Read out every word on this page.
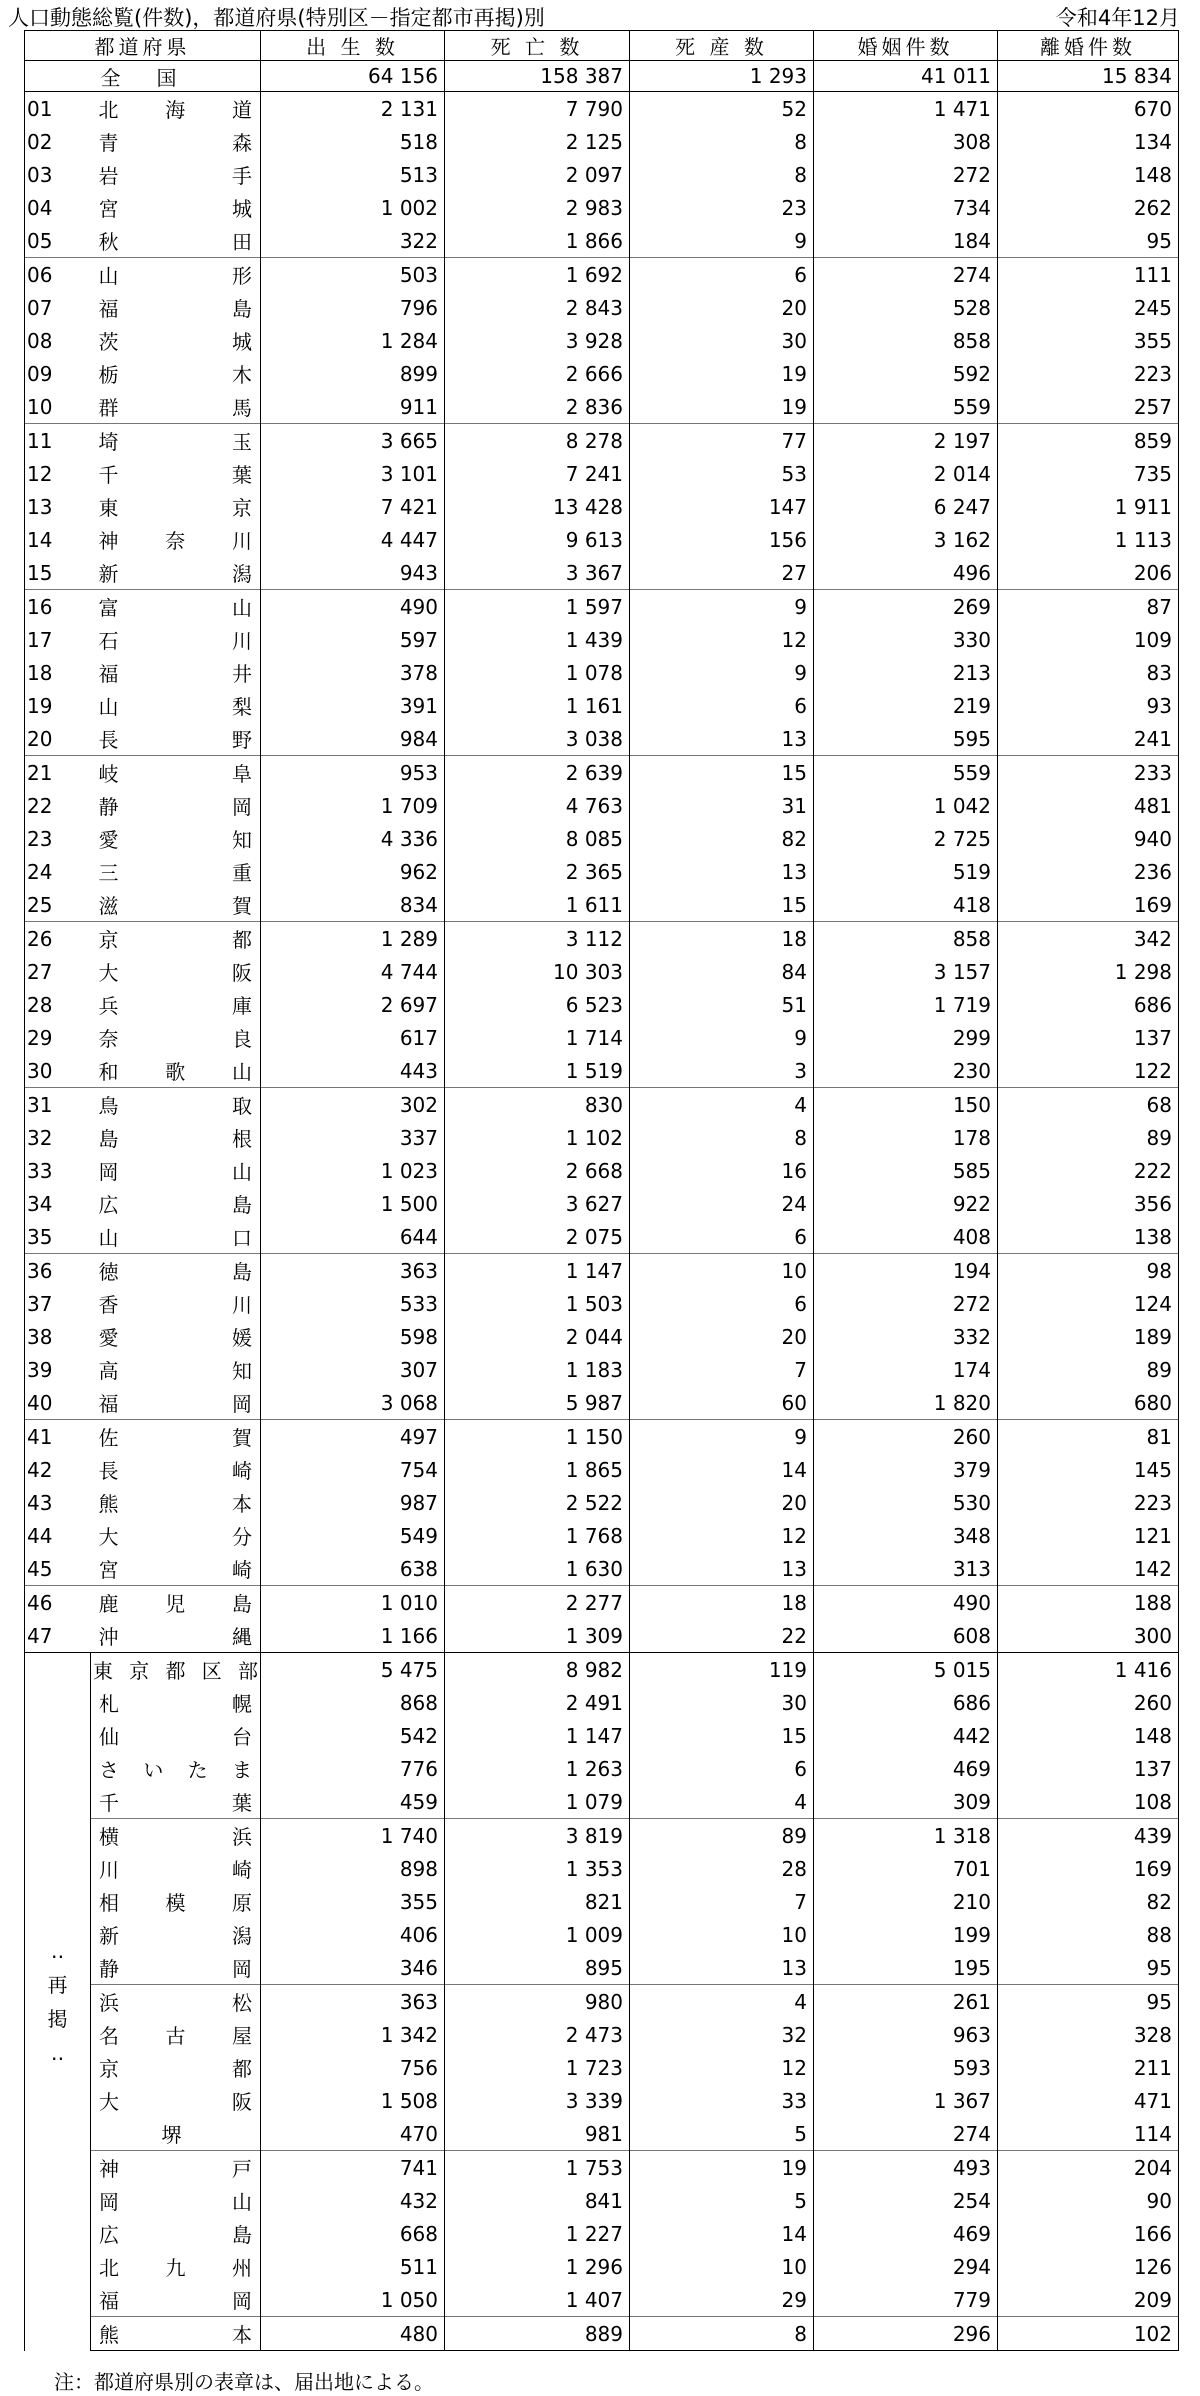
人口動態総覧(件数)，都道府県(特別区－指定都市再掲)別	令和4年12月
都道府県		出 生 数	死 亡 数	死 産 数	婚姻件数	離婚件数

全　国		64 156	158 387	1 293	41 011	15 834
01	北 海 道	2 131	7 790	52	1 471	670
02	青 森	518	2 125	8	308	134
03	岩 手	513	2 097	8	272	148
04	宮 城	1 002	2 983	23	734	262
05	秋 田	322	1 866	9	184	95
06	山 形	503	1 692	6	274	111
07	福 島	796	2 843	20	528	245
08	茨 城	1 284	3 928	30	858	355
09	栃 木	899	2 666	19	592	223
10	群 馬	911	2 836	19	559	257
11	埼 玉	3 665	8 278	77	2 197	859
12	千 葉	3 101	7 241	53	2 014	735
13	東 京	7 421	13 428	147	6 247	1 911
14	神 奈 川	4 447	9 613	156	3 162	1 113
15	新 潟	943	3 367	27	496	206
16	富 山	490	1 597	9	269	87
17	石 川	597	1 439	12	330	109
18	福 井	378	1 078	9	213	83
19	山 梨	391	1 161	6	219	93
20	長 野	984	3 038	13	595	241
21	岐 阜	953	2 639	15	559	233
22	静 岡	1 709	4 763	31	1 042	481
23	愛 知	4 336	8 085	82	2 725	940
24	三 重	962	2 365	13	519	236
25	滋 賀	834	1 611	15	418	169
26	京 都	1 289	3 112	18	858	342
27	大 阪	4 744	10 303	84	3 157	1 298
28	兵 庫	2 697	6 523	51	1 719	686
29	奈 良	617	1 714	9	299	137
30	和 歌 山	443	1 519	3	230	122
31	鳥 取	302	830	4	150	68
32	島 根	337	1 102	8	178	89
33	岡 山	1 023	2 668	16	585	222
34	広 島	1 500	3 627	24	922	356
35	山 口	644	2 075	6	408	138
36	徳 島	363	1 147	10	194	98
37	香 川	533	1 503	6	272	124
38	愛 媛	598	2 044	20	332	189
39	高 知	307	1 183	7	174	89
40	福 岡	3 068	5 987	60	1 820	680
41	佐 賀	497	1 150	9	260	81
42	長 崎	754	1 865	14	379	145
43	熊 本	987	2 522	20	530	223
44	大 分	549	1 768	12	348	121
45	宮 崎	638	1 630	13	313	142
46	鹿 児 島	1 010	2 277	18	490	188
47	沖 縄	1 166	1 309	22	608	300

‥
再
掲
‥	東 京 都 区 部	5 475	8 982	119	5 015	1 416

	札 幌	868	2 491	30	686	260

	仙 台	542	1 147	15	442	148

	さ い た ま	776	1 263	6	469	137

	千 葉	459	1 079	4	309	108

	横 浜	1 740	3 819	89	1 318	439

	川 崎	898	1 353	28	701	169

	相 模 原	355	821	7	210	82

	新 潟	406	1 009	10	199	88

	静 岡	346	895	13	195	95

	浜 松	363	980	4	261	95

	名 古 屋	1 342	2 473	32	963	328

	京 都	756	1 723	12	593	211

	大 阪	1 508	3 339	33	1 367	471

	堺	470	981	5	274	114

	神 戸	741	1 753	19	493	204

	岡 山	432	841	5	254	90

	広 島	668	1 227	14	469	166

	北 九 州	511	1 296	10	294	126

	福 岡	1 050	1 407	29	779	209

	熊 本	480	889	8	296	102
注：都道府県別の表章は、届出地による。
